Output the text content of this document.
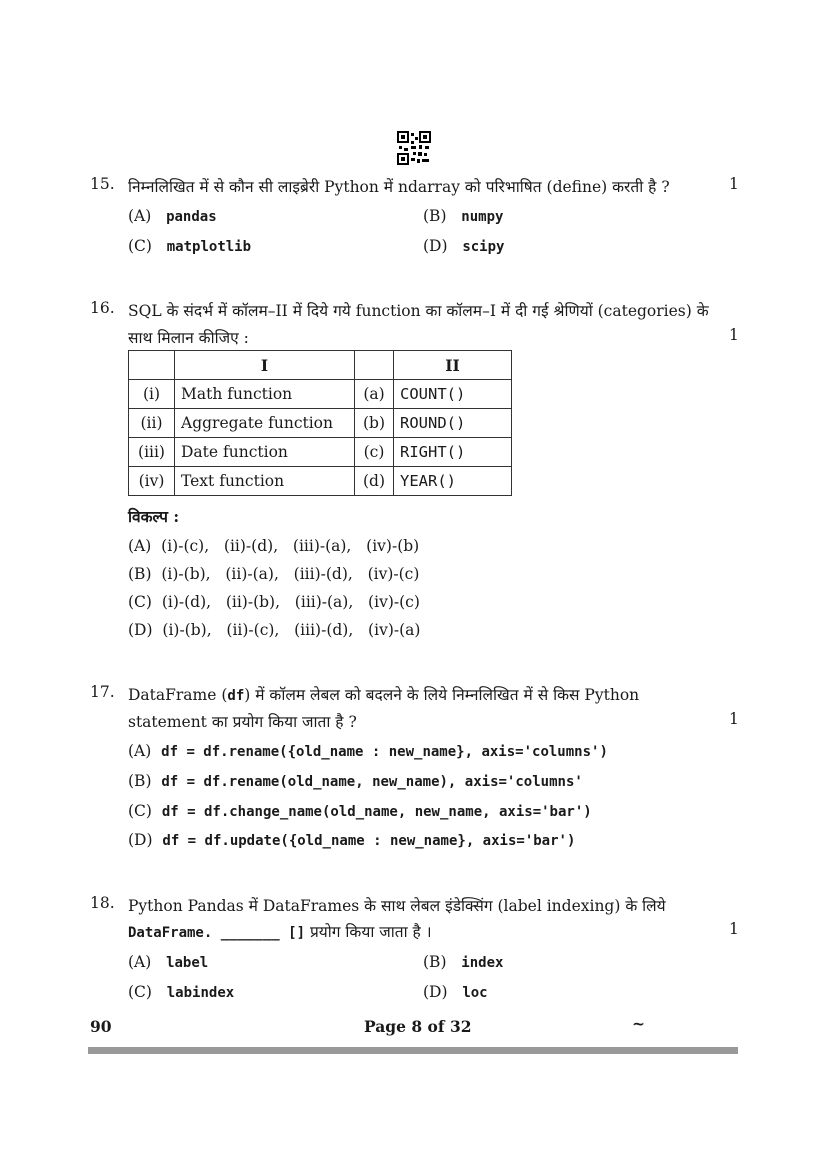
15. निम्नलिखित में से कौन सी लाइब्रेरी Python में ndarray को परिभाषित (define) करती है ?	1
(A) pandas	(B) numpy
(C) matplotlib	(D) scipy
16. SQL के संदर्भ में कॉलम–II में दिये गये function का कॉलम–I में दी गई श्रेणियों (categories) के
साथ मिलान कीजिए :	1
	I		II
(i)	Math function	(a)	COUNT()
(ii)	Aggregate function	(b)	ROUND()
(iii)	Date function	(c)	RIGHT()
(iv)	Text function	(d)	YEAR()
विकल्प :
(A) (i)-(c),   (ii)-(d),   (iii)-(a),   (iv)-(b)
(B) (i)-(b),   (ii)-(a),   (iii)-(d),   (iv)-(c)
(C) (i)-(d),   (ii)-(b),   (iii)-(a),   (iv)-(c)
(D) (i)-(b),   (ii)-(c),   (iii)-(d),   (iv)-(a)
17. DataFrame (df) में कॉलम लेबल को बदलने के लिये निम्नलिखित में से किस Python
statement का प्रयोग किया जाता है ?	1
(A) df = df.rename({old_name : new_name}, axis='columns')
(B) df = df.rename(old_name, new_name), axis='columns'
(C) df = df.change_name(old_name, new_name, axis='bar')
(D) df = df.update({old_name : new_name}, axis='bar')
18. Python Pandas में DataFrames के साथ लेबल इंडेक्सिंग (label indexing) के लिये
DataFrame. _______ [] प्रयोग किया जाता है ।	1
(A) label	(B) index
(C) labindex	(D) loc
90	Page 8 of 32	~
